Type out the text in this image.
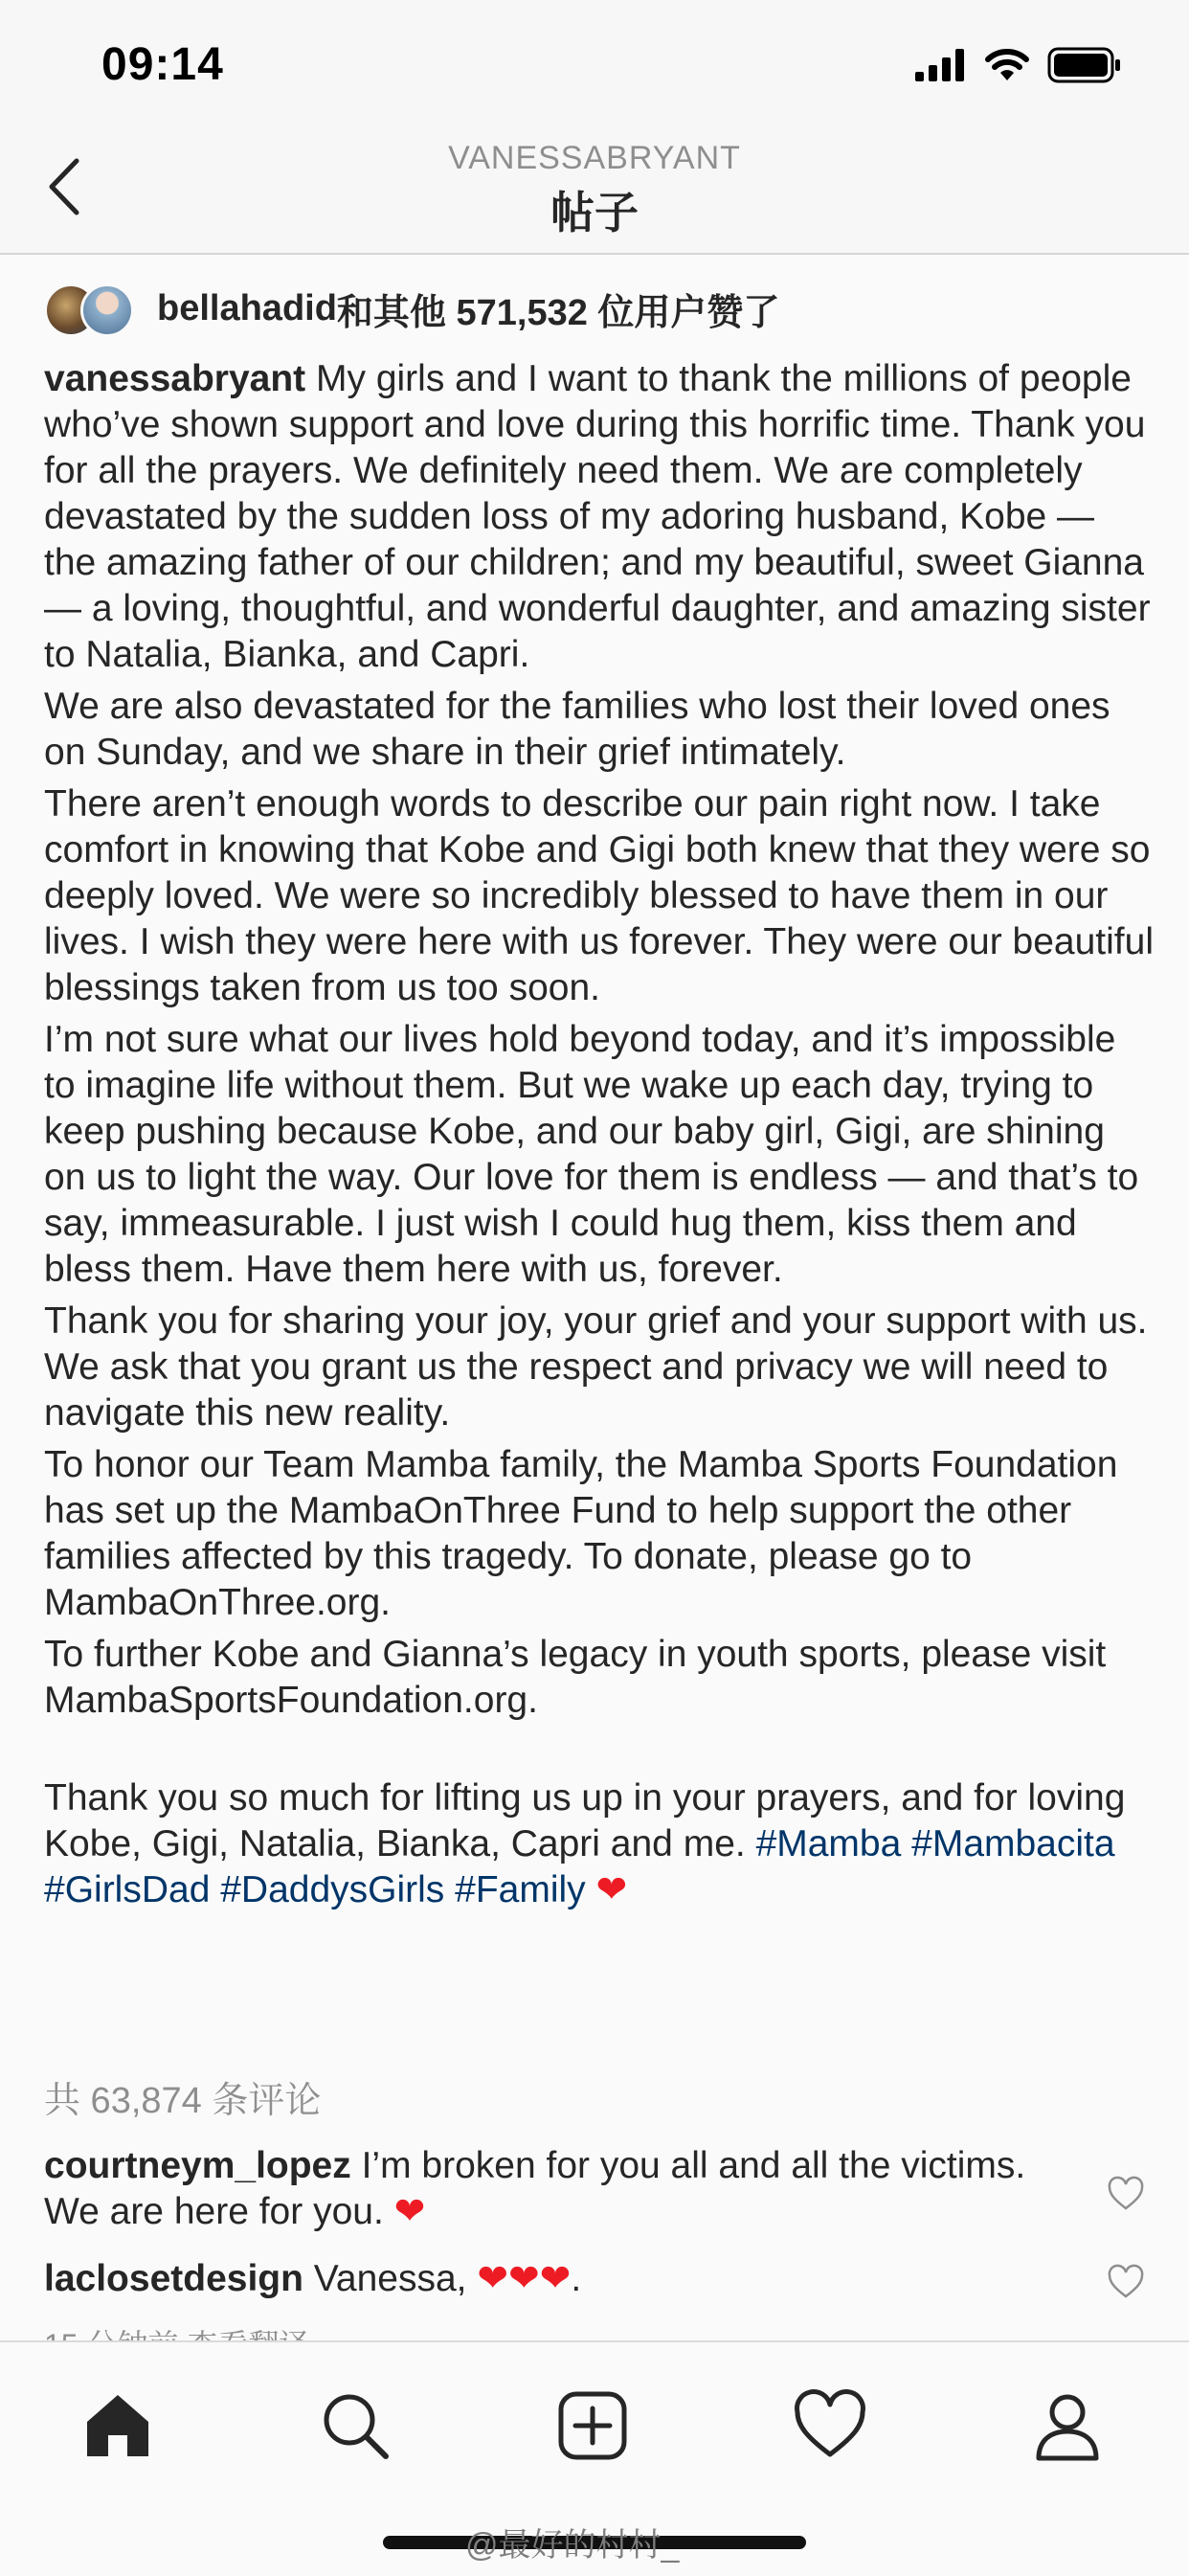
09:14
VANESSABRYANT
帖子
bellahadid 和其他 571,532 位用户赞了

vanessabryant My girls and I want to thank the millions of people who’ve shown support and love during this horrific time. Thank you for all the prayers. We definitely need them. We are completely devastated by the sudden loss of my adoring husband, Kobe — the amazing father of our children; and my beautiful, sweet Gianna — a loving, thoughtful, and wonderful daughter, and amazing sister to Natalia, Bianka, and Capri.

We are also devastated for the families who lost their loved ones on Sunday, and we share in their grief intimately.

There aren’t enough words to describe our pain right now. I take comfort in knowing that Kobe and Gigi both knew that they were so deeply loved. We were so incredibly blessed to have them in our lives. I wish they were here with us forever. They were our beautiful blessings taken from us too soon.

I’m not sure what our lives hold beyond today, and it’s impossible to imagine life without them. But we wake up each day, trying to keep pushing because Kobe, and our baby girl, Gigi, are shining on us to light the way. Our love for them is endless — and that’s to say, immeasurable. I just wish I could hug them, kiss them and bless them. Have them here with us, forever.

Thank you for sharing your joy, your grief and your support with us. We ask that you grant us the respect and privacy we will need to navigate this new reality.

To honor our Team Mamba family, the Mamba Sports Foundation has set up the MambaOnThree Fund to help support the other families affected by this tragedy. To donate, please go to MambaOnThree.org.

To further Kobe and Gianna’s legacy in youth sports, please visit MambaSportsFoundation.org.

Thank you so much for lifting us up in your prayers, and for loving Kobe, Gigi, Natalia, Bianka, Capri and me. #Mamba #Mambacita #GirlsDad #DaddysGirls #Family ❤

共 63,874 条评论
courtneym_lopez I’m broken for you all and all the victims. We are here for you. ❤
laclosetdesign Vanessa, ❤❤❤.
@最好的村村_
